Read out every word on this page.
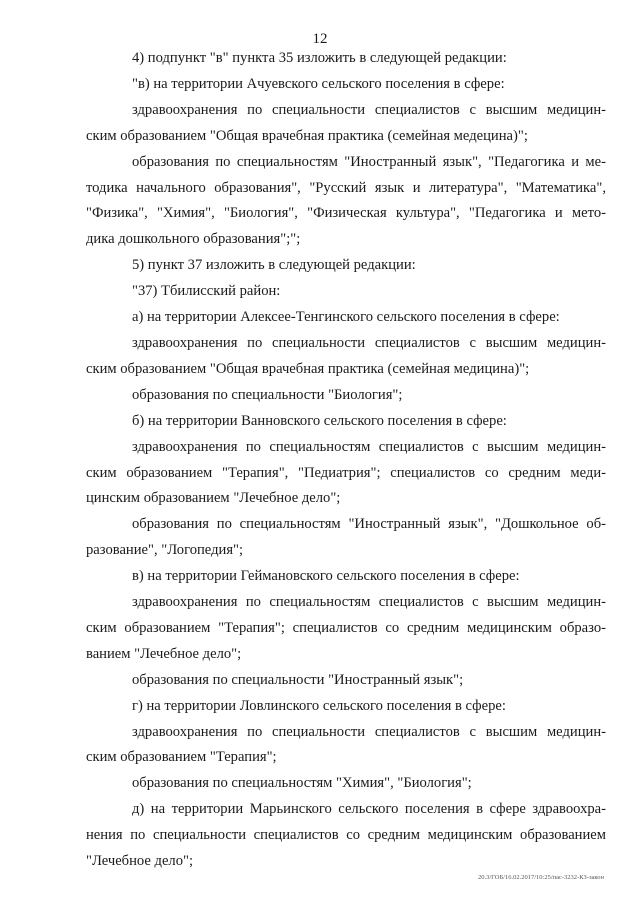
12
4) подпункт "в" пункта 35 изложить в следующей редакции:
"в) на территории Ачуевского сельского поселения в сфере:
здравоохранения по специальности специалистов с высшим медицин-
ским образованием "Общая врачебная практика (семейная медецина)";
образования по специальностям "Иностранный язык", "Педагогика и ме-
тодика начального образования", "Русский язык и литература", "Математика",
"Физика", "Химия", "Биология", "Физическая культура", "Педагогика и мето-
дика дошкольного образования";";
5) пункт 37 изложить в следующей редакции:
"37) Тбилисский район:
а) на территории Алексее-Тенгинского сельского поселения в сфере:
здравоохранения по специальности специалистов с высшим медицин-
ским образованием "Общая врачебная практика (семейная медицина)";
образования по специальности "Биология";
б) на территории Ванновского сельского поселения в сфере:
здравоохранения по специальностям специалистов с высшим медицин-
ским образованием "Терапия", "Педиатрия"; специалистов со средним меди-
цинским образованием "Лечебное дело";
образования по специальностям "Иностранный язык", "Дошкольное об-
разование", "Логопедия";
в) на территории Геймановского сельского поселения в сфере:
здравоохранения по специальностям специалистов с высшим медицин-
ским образованием "Терапия"; специалистов со средним медицинским образо-
ванием "Лечебное дело";
образования по специальности "Иностранный язык";
г) на территории Ловлинского сельского поселения в сфере:
здравоохранения по специальности специалистов с высшим медицин-
ским образованием "Терапия";
образования по специальностям "Химия", "Биология";
д) на территории Марьинского сельского поселения в сфере здравоохра-
нения по специальности специалистов со средним медицинским образованием
"Лечебное дело";
20.3/ГОБ/16.02.2017/10:25/пас-3232-КЗ-закон
